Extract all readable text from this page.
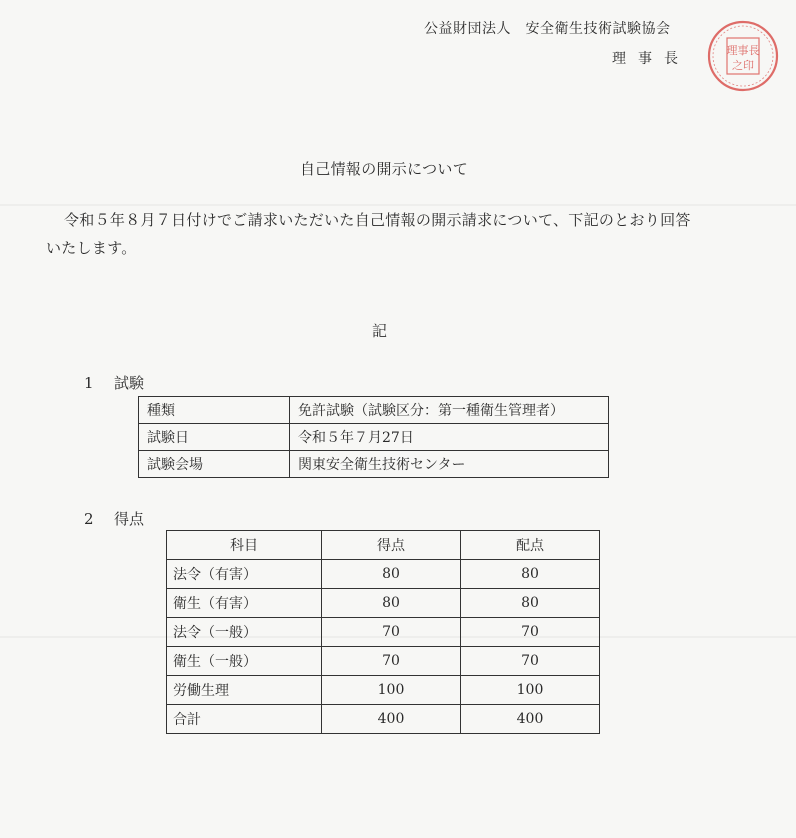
公益財団法人　安全衛生技術試験協会
理事長
理事長
之印
自己情報の開示について
令和５年８月７日付けでご請求いただいた自己情報の開示請求について、下記のとおり回答
いたします。
記
1 試験
種類	免許試験（試験区分：第一種衛生管理者）
試験日	令和５年７月27日
試験会場	関東安全衛生技術センター
2 得点
科目	得点	配点
法令（有害）	80	80
衛生（有害）	80	80
法令（一般）	70	70
衛生（一般）	70	70
労働生理	100	100
合計	400	400
